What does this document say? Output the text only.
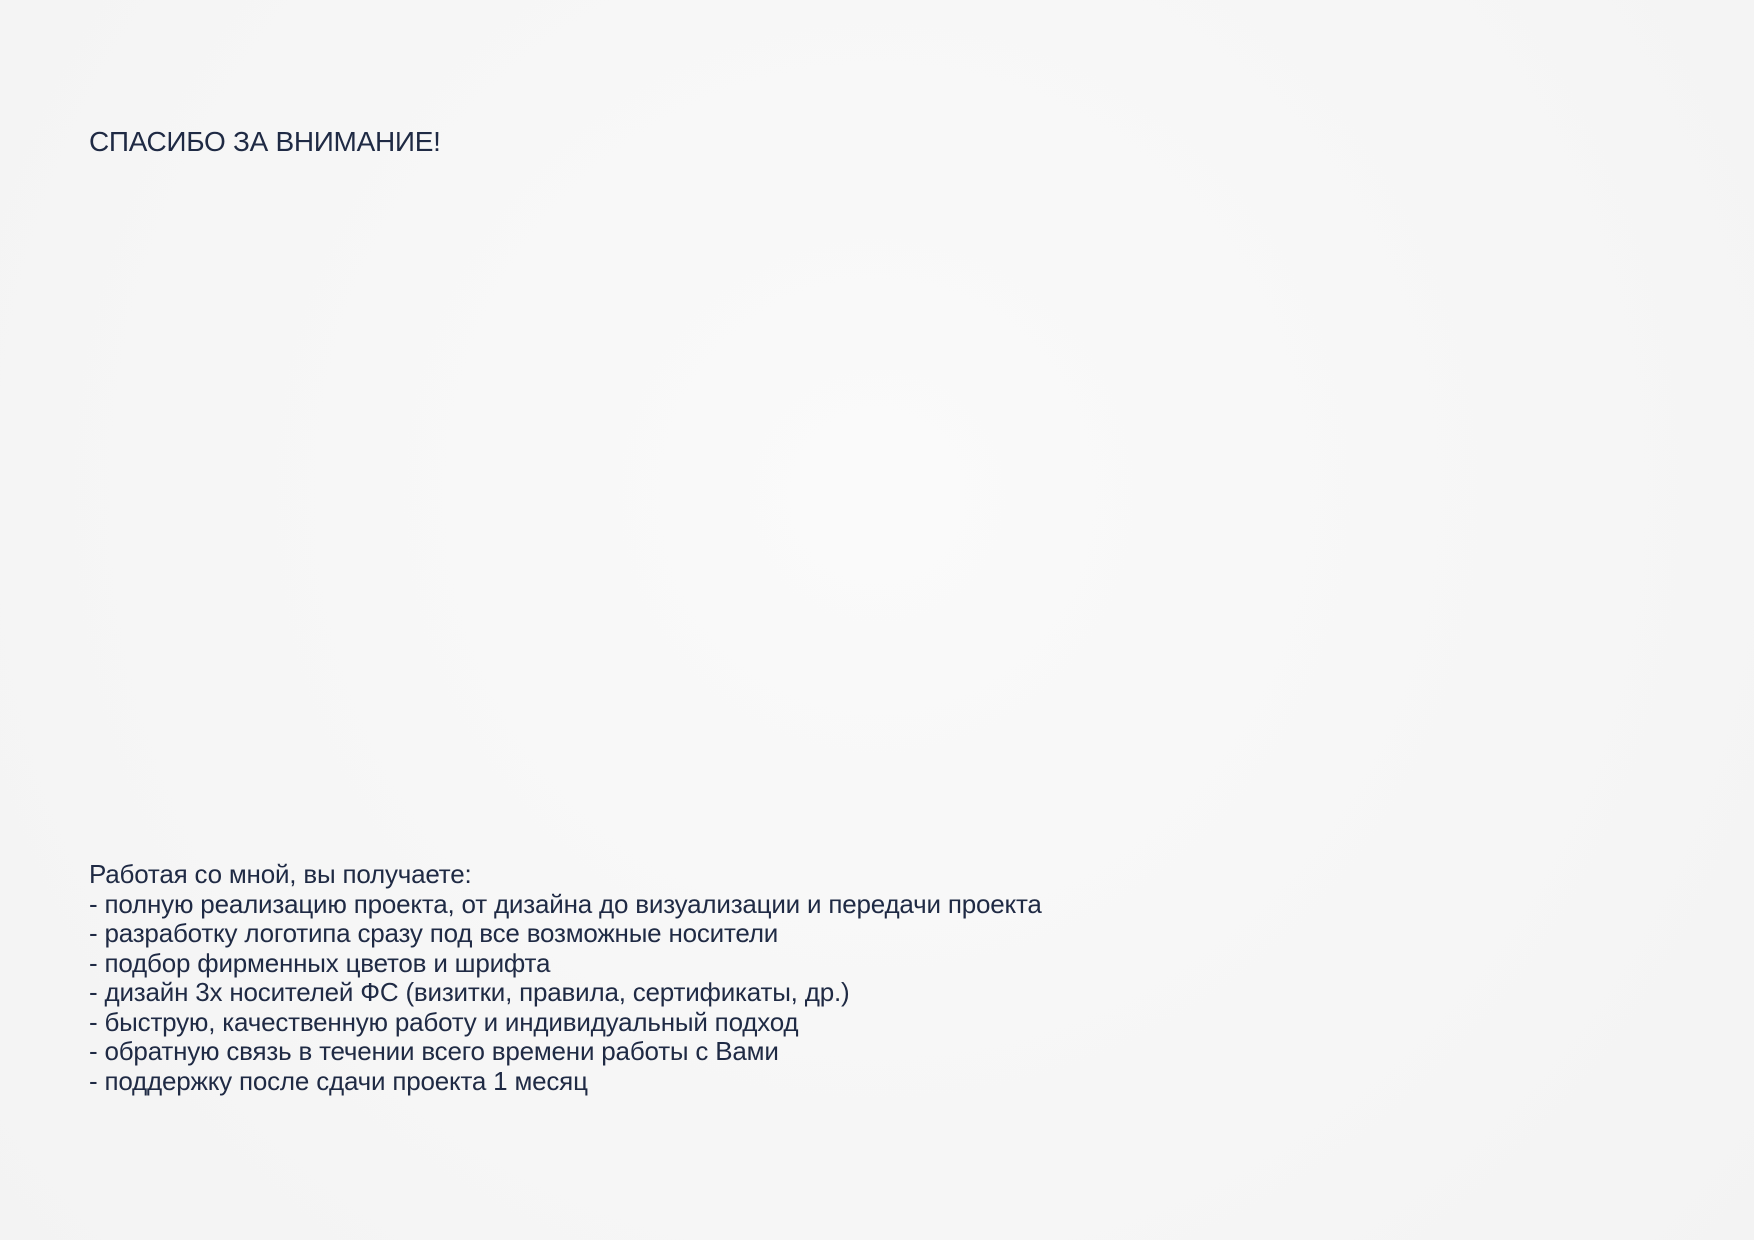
СПАСИБО ЗА ВНИМАНИЕ!
Работая со мной, вы получаете:
- полную реализацию проекта, от дизайна до визуализации и передачи проекта
- разработку логотипа сразу под все возможные носители
- подбор фирменных цветов и шрифта
- дизайн 3х носителей ФС (визитки, правила, сертификаты, др.)
- быструю, качественную работу и индивидуальный подход
- обратную связь в течении всего времени работы с Вами
- поддержку после сдачи проекта 1 месяц
